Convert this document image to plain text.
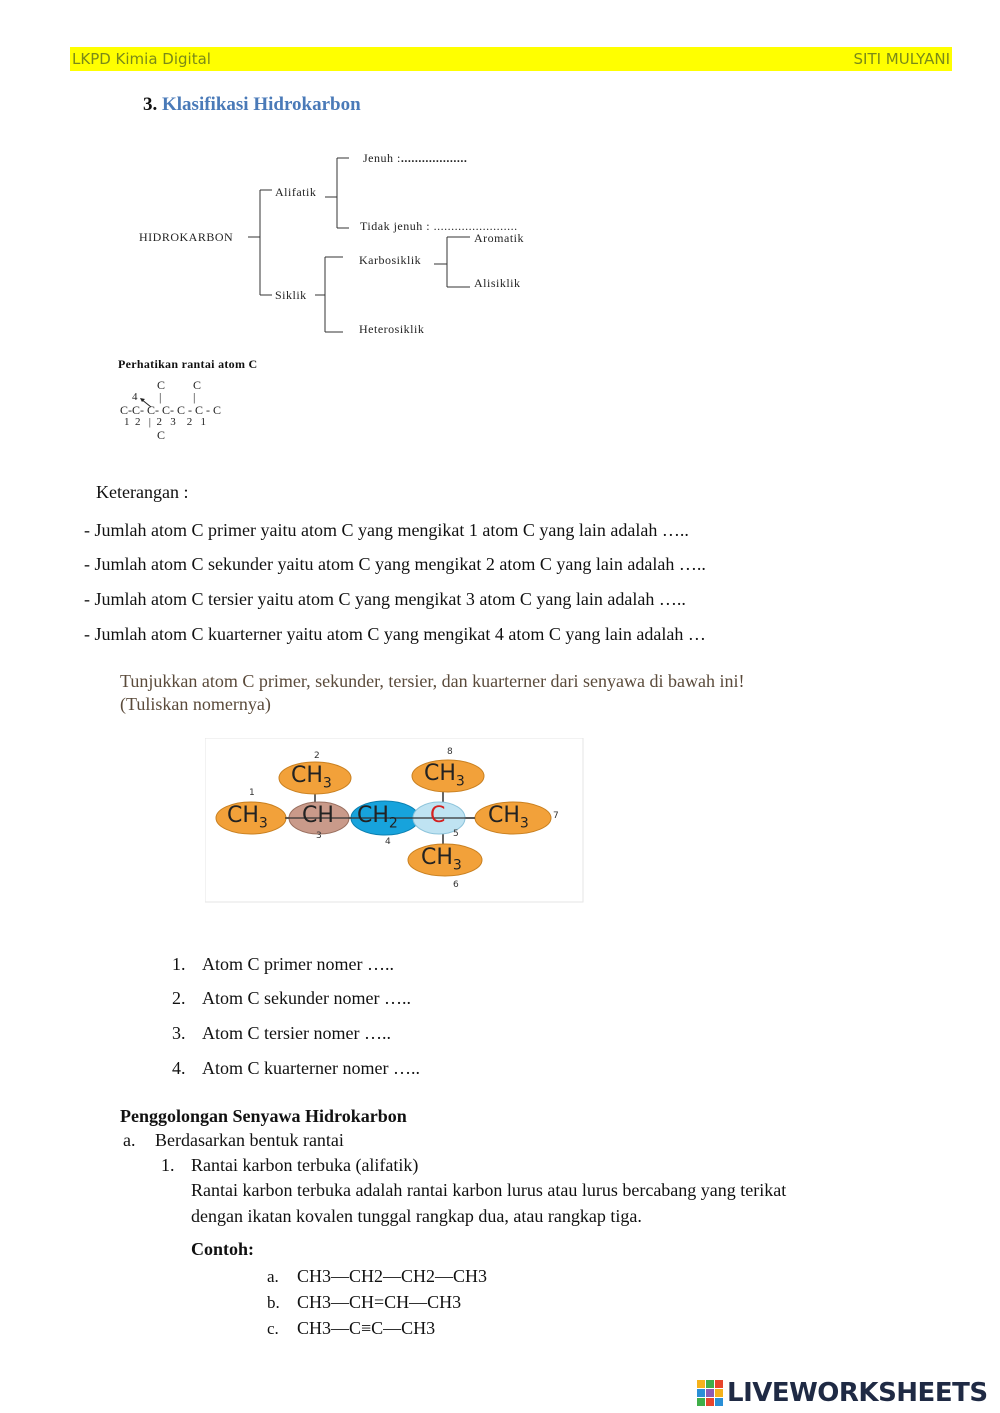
LKPD Kimia Digital	SITI MULYANI
3. Klasifikasi Hidrokarbon
HIDROKARBON
Alifatik
Jenuh :...................
Tidak jenuh : ........................
Siklik
Karbosiklik
Aromatik
Alisiklik
Heterosiklik
Perhatikan rantai atom C
C C
|	|
4
C-C- C- C- C - C - C
1  2   |  2   3    2   1
C
Keterangan :
- Jumlah atom C primer yaitu atom C yang mengikat 1 atom C yang lain adalah …..
- Jumlah atom C sekunder yaitu atom C yang mengikat 2 atom C yang lain adalah …..
- Jumlah atom C tersier yaitu atom C yang mengikat 3 atom C yang lain adalah …..
- Jumlah atom C kuarterner yaitu atom C yang mengikat 4 atom C yang lain adalah …
Tunjukkan atom C primer, sekunder, tersier, dan kuarterner dari senyawa di bawah ini!
(Tuliskan nomernya)
$CH_3$	$CH_3$
$CH_3$ CH $CH_2$ C $CH_3$
$CH_3$
2	8
1
3
4
5
7
6
1. Atom C primer nomer …..
2. Atom C sekunder nomer …..
3. Atom C tersier nomer …..
4. Atom C kuarterner nomer …..
Penggolongan Senyawa Hidrokarbon
a. Berdasarkan bentuk rantai
1. Rantai karbon terbuka (alifatik)
Rantai karbon terbuka adalah rantai karbon lurus atau lurus bercabang yang terikat
dengan ikatan kovalen tunggal rangkap dua, atau rangkap tiga.
Contoh:
a. CH3—CH2—CH2—CH3
b. CH3—CH=CH—CH3
c. CH3—C≡C—CH3
LIVEWORKSHEETS
